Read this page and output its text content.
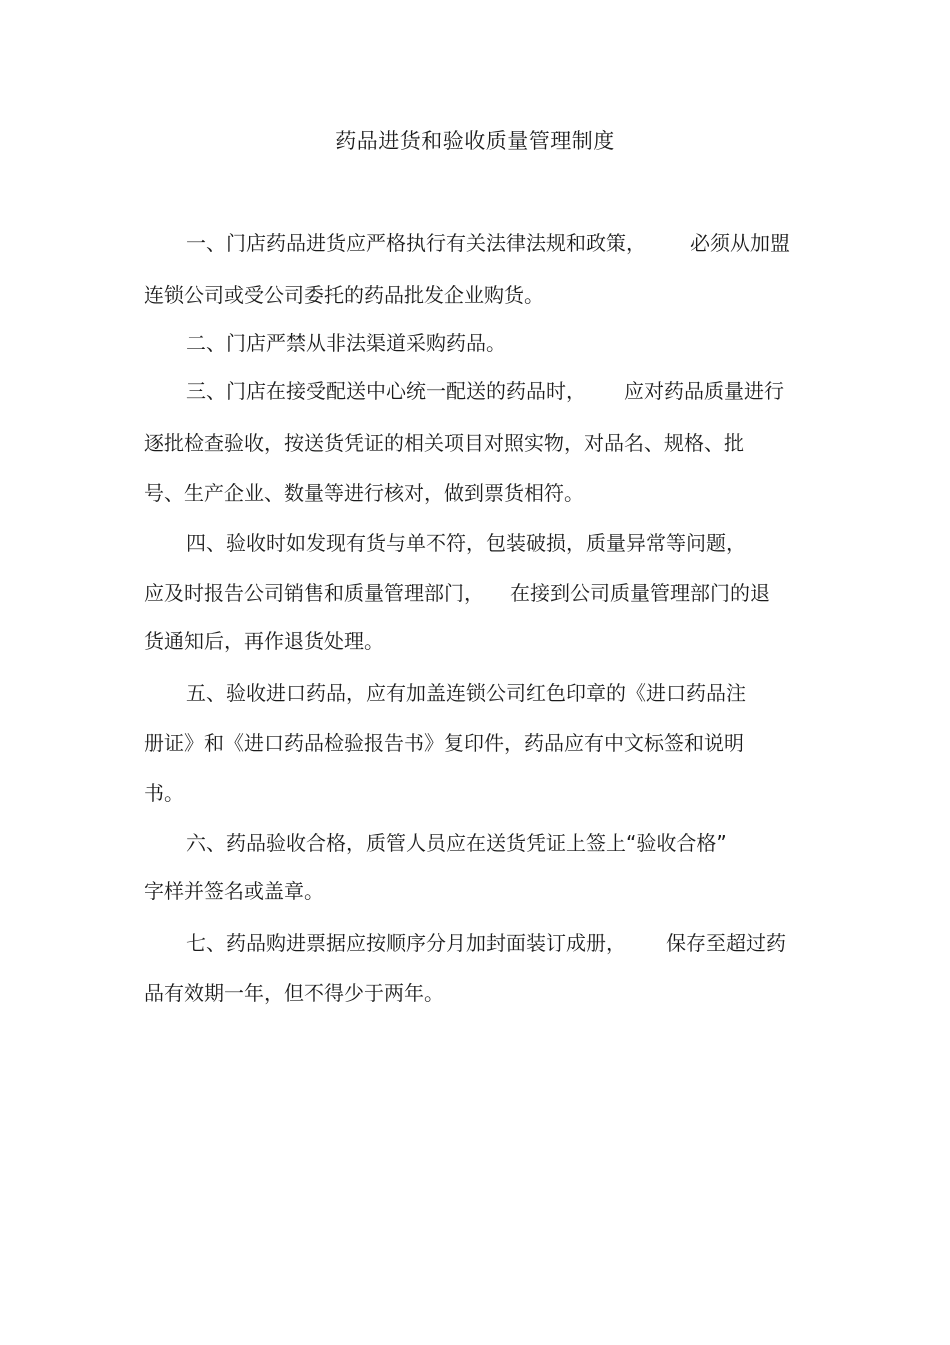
药品进货和验收质量管理制度
一、门店药品进货应严格执行有关法律法规和政策， 必须从加盟
连锁公司或受公司委托的药品批发企业购货。
二、门店严禁从非法渠道采购药品。
三、门店在接受配送中心统一配送的药品时， 应对药品质量进行
逐批检查验收，按送货凭证的相关项目对照实物，对品名、规格、批
号、生产企业、数量等进行核对，做到票货相符。
四、验收时如发现有货与单不符，包装破损，质量异常等问题，
应及时报告公司销售和质量管理部门， 在接到公司质量管理部门的退
货通知后，再作退货处理。
五、验收进口药品，应有加盖连锁公司红色印章的《进口药品注
册证》和《进口药品检验报告书》复印件，药品应有中文标签和说明
书。
六、药品验收合格，质管人员应在送货凭证上签上“验收合格”
字样并签名或盖章。
七、药品购进票据应按顺序分月加封面装订成册， 保存至超过药
品有效期一年，但不得少于两年。
